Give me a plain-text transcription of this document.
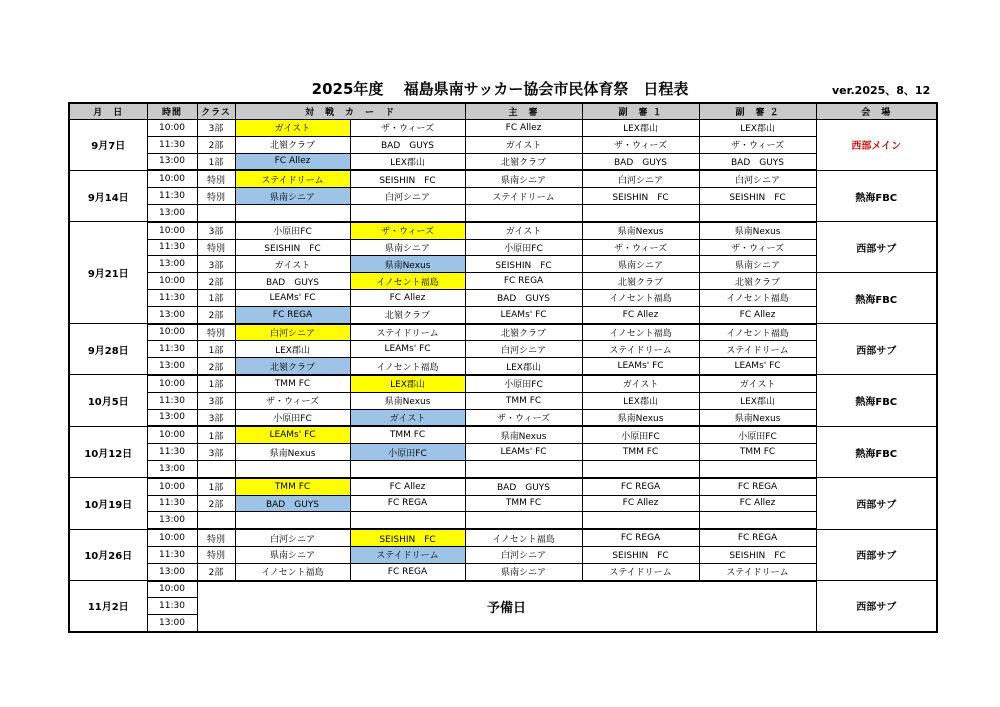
2025年度　 福島県南サッカー協会市民体育祭　日程表	ver.2025、8、12
月　日	時間	クラス	対　戦　カ　ー　ド		主　審	副　審 １	副　審 ２	会　場
9月7日	10:00	3部	ガイスト	ザ・ウィーズ	FC Allez	LEX郡山	LEX郡山	西部メイン
	11:30	2部	北嶺クラブ	BAD　GUYS	ガイスト	ザ・ウィーズ	ザ・ウィーズ	
	13:00	1部	FC Allez	LEX郡山	北嶺クラブ	BAD　GUYS	BAD　GUYS	
9月14日	10:00	特別	ステイドリーム	SEISHIN　FC	県南シニア	白河シニア	白河シニア	熱海FBC
	11:30	特別	県南シニア	白河シニア	ステイドリーム	SEISHIN　FC	SEISHIN　FC	
	13:00							
9月21日	10:00	3部	小原田FC	ザ・ウィーズ	ガイスト	県南Nexus	県南Nexus	西部サブ
	11:30	特別	SEISHIN　FC	県南シニア	小原田FC	ザ・ウィーズ	ザ・ウィーズ	
	13:00	3部	ガイスト	県南Nexus	SEISHIN　FC	県南シニア	県南シニア	
	10:00	2部	BAD　GUYS	イノセント福島	FC REGA	北嶺クラブ	北嶺クラブ	熱海FBC
	11:30	1部	LEAMs' FC	FC Allez	BAD　GUYS	イノセント福島	イノセント福島	
	13:00	2部	FC REGA	北嶺クラブ	LEAMs' FC	FC Allez	FC Allez	
9月28日	10:00	特別	白河シニア	ステイドリーム	北嶺クラブ	イノセント福島	イノセント福島	西部サブ
	11:30	1部	LEX郡山	LEAMs' FC	白河シニア	ステイドリーム	ステイドリーム	
	13:00	2部	北嶺クラブ	イノセント福島	LEX郡山	LEAMs' FC	LEAMs' FC	
10月5日	10:00	1部	TMM FC	LEX郡山	小原田FC	ガイスト	ガイスト	熱海FBC
	11:30	3部	ザ・ウィーズ	県南Nexus	TMM FC	LEX郡山	LEX郡山	
	13:00	3部	小原田FC	ガイスト	ザ・ウィーズ	県南Nexus	県南Nexus	
10月12日	10:00	1部	LEAMs' FC	TMM FC	県南Nexus	小原田FC	小原田FC	熱海FBC
	11:30	3部	県南Nexus	小原田FC	LEAMs' FC	TMM FC	TMM FC	
	13:00							
10月19日	10:00	1部	TMM FC	FC Allez	BAD　GUYS	FC REGA	FC REGA	西部サブ
	11:30	2部	BAD　GUYS	FC REGA	TMM FC	FC Allez	FC Allez	
	13:00							
10月26日	10:00	特別	白河シニア	SEISHIN　FC	イノセント福島	FC REGA	FC REGA	西部サブ
	11:30	特別	県南シニア	ステイドリーム	白河シニア	SEISHIN　FC	SEISHIN　FC	
	13:00	2部	イノセント福島	FC REGA	県南シニア	ステイドリーム	ステイドリーム	
11月2日	10:00	予備日						西部サブ
	11:30							
	13:00							
